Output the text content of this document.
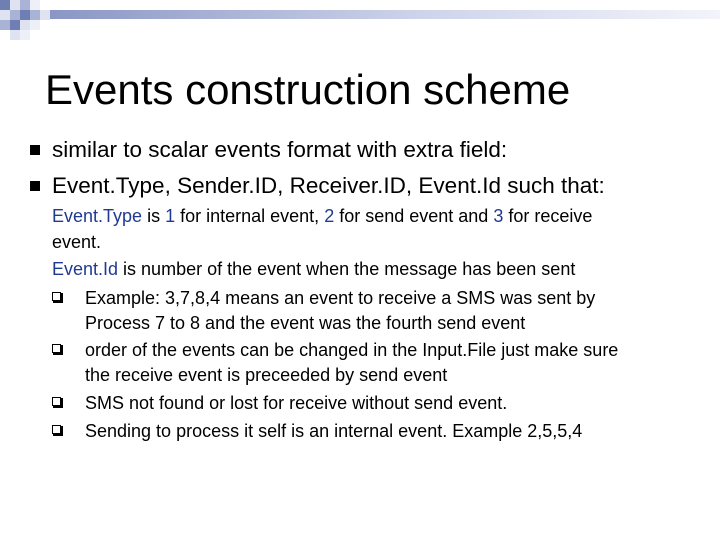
Events construction scheme
similar to scalar events format with extra field:
Event.Type, Sender.ID, Receiver.ID, Event.Id such that:
Event.Type is 1 for internal event, 2 for send event and 3 for receive
event.
Event.Id is number of the event when the message has been sent
Example: 3,7,8,4 means an event to receive a SMS was sent by
Process 7 to 8 and the event was the fourth send event
order of the events can be changed in the Input.File just make sure
the receive event is preceeded by send event
SMS not found or lost for receive without send event.
Sending to process it self is an internal event. Example 2,5,5,4
